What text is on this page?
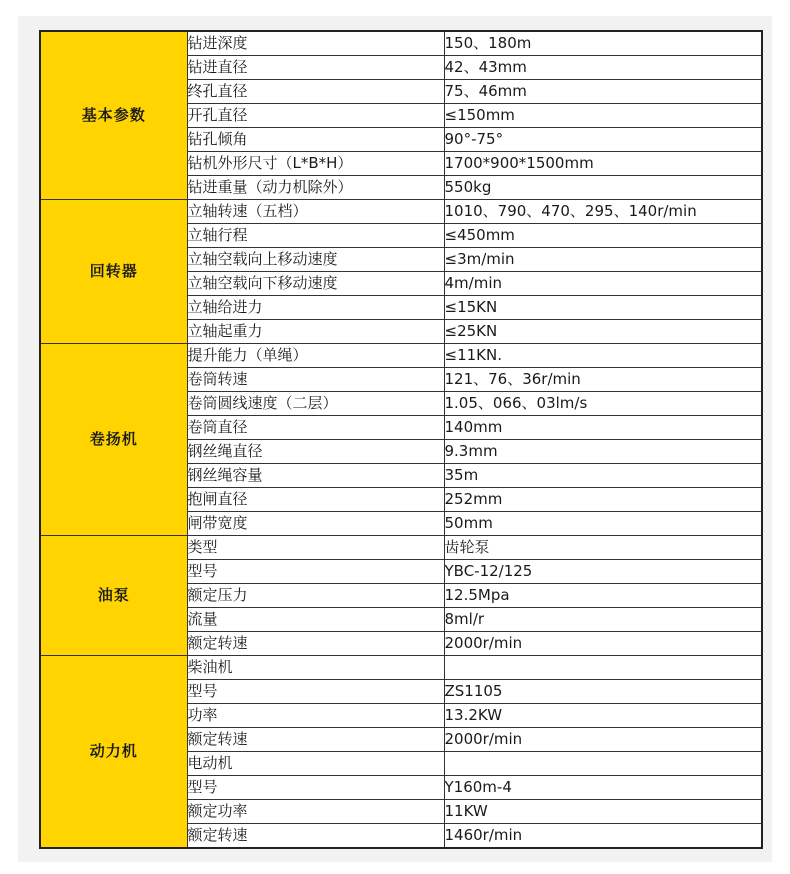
基本参数	钻进深度	150、180m
	钻进直径	42、43mm
	终孔直径	75、46mm
	开孔直径	≤150mm
	钻孔倾角	90°-75°
	钻机外形尺寸（L*B*H）	1700*900*1500mm
	钻进重量（动力机除外）	550kg
回转器	立轴转速（五档）	1010、790、470、295、140r/min
	立轴行程	≤450mm
	立轴空载向上移动速度	≤3m/min
	立轴空载向下移动速度	4m/min
	立轴给进力	≤15KN
	立轴起重力	≤25KN
卷扬机	提升能力（单绳）	≤11KN.
	卷筒转速	121、76、36r/min
	卷筒圆线速度（二层）	1.05、066、03lm/s
	卷筒直径	140mm
	钢丝绳直径	9.3mm
	钢丝绳容量	35m
	抱闸直径	252mm
	闸带宽度	50mm
油泵	类型	齿轮泵
	型号	YBC-12/125
	额定压力	12.5Mpa
	流量	8ml/r
	额定转速	2000r/min
动力机	柴油机	
	型号	ZS1105
	功率	13.2KW
	额定转速	2000r/min
	电动机	
	型号	Y160m-4
	额定功率	11KW
	额定转速	1460r/min
